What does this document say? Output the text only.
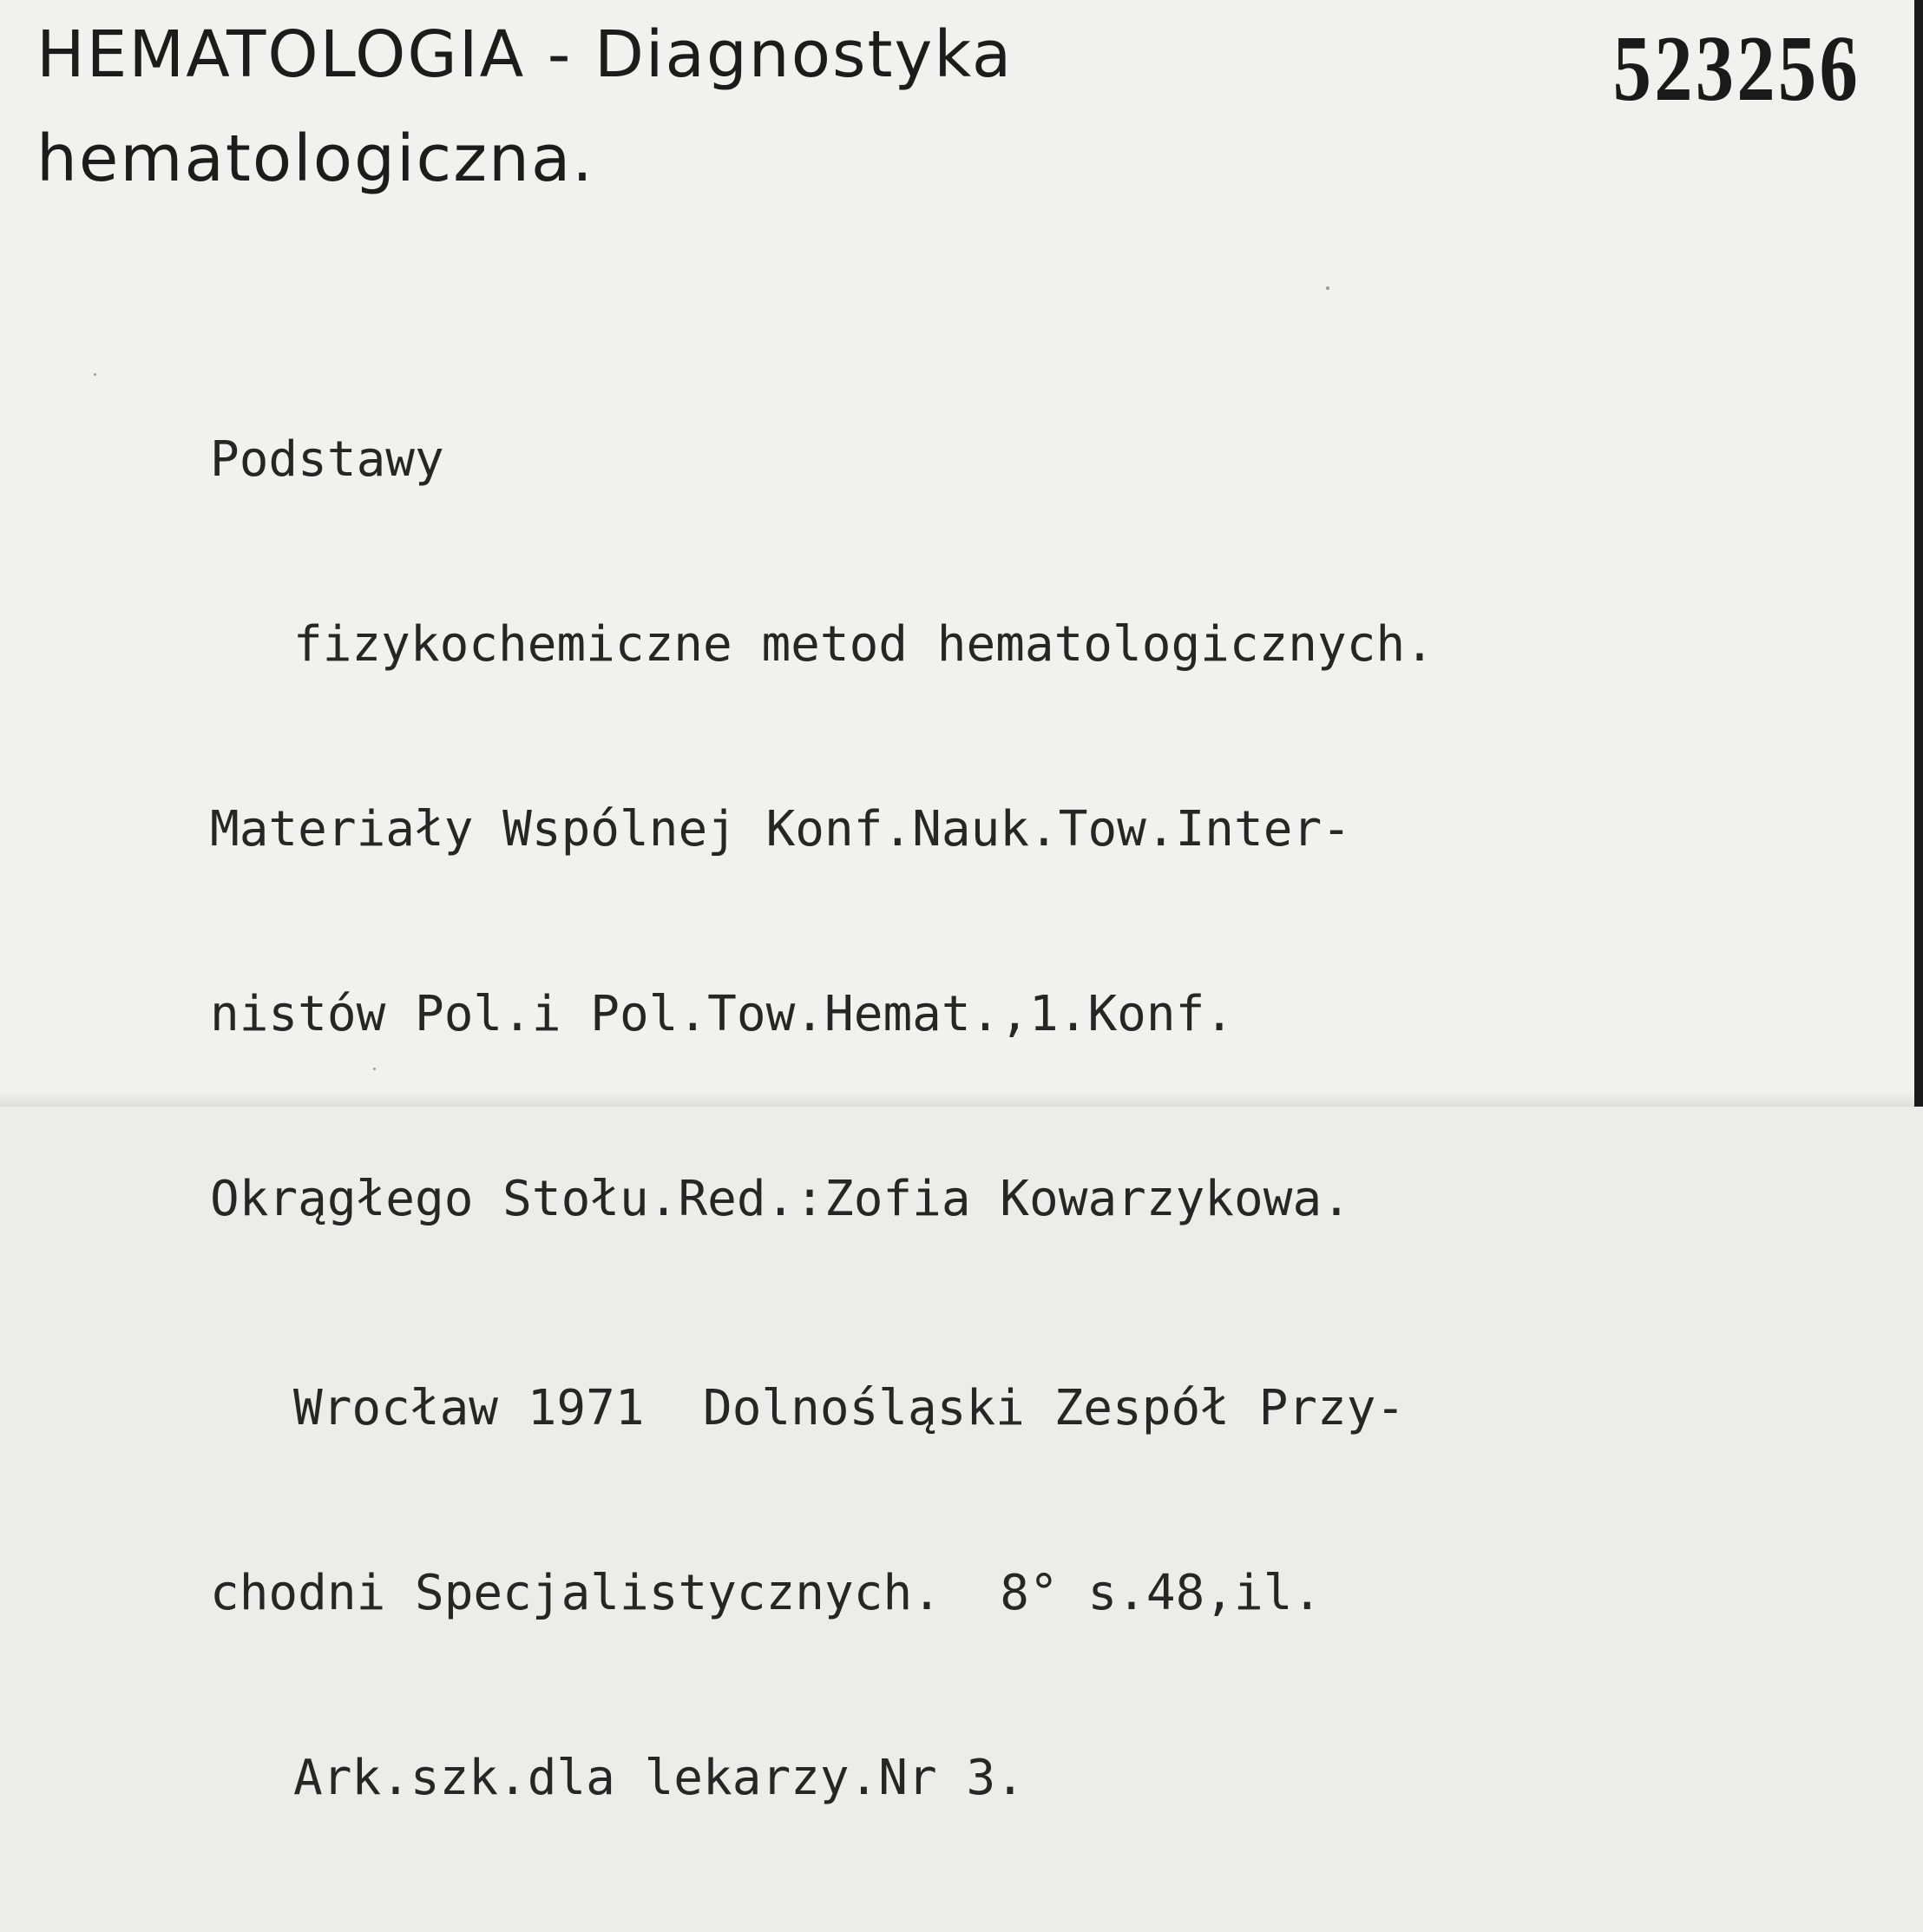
HEMATOLOGIA - Diagnostyka
hematologiczna.
523256

Podstawy

fizykochemiczne metod hematologicznych.

Materiały Wspólnej Konf.Nauk.Tow.Inter-

nistów Pol.i Pol.Tow.Hemat.,1.Konf.

Okrągłego Stołu.Red.:Zofia Kowarzykowa.

Wrocław 1971  Dolnośląski Zespół Przy-

chodni Specjalistycznych.  8° s.48,il.

Ark.szk.dla lekarzy.Nr 3.
